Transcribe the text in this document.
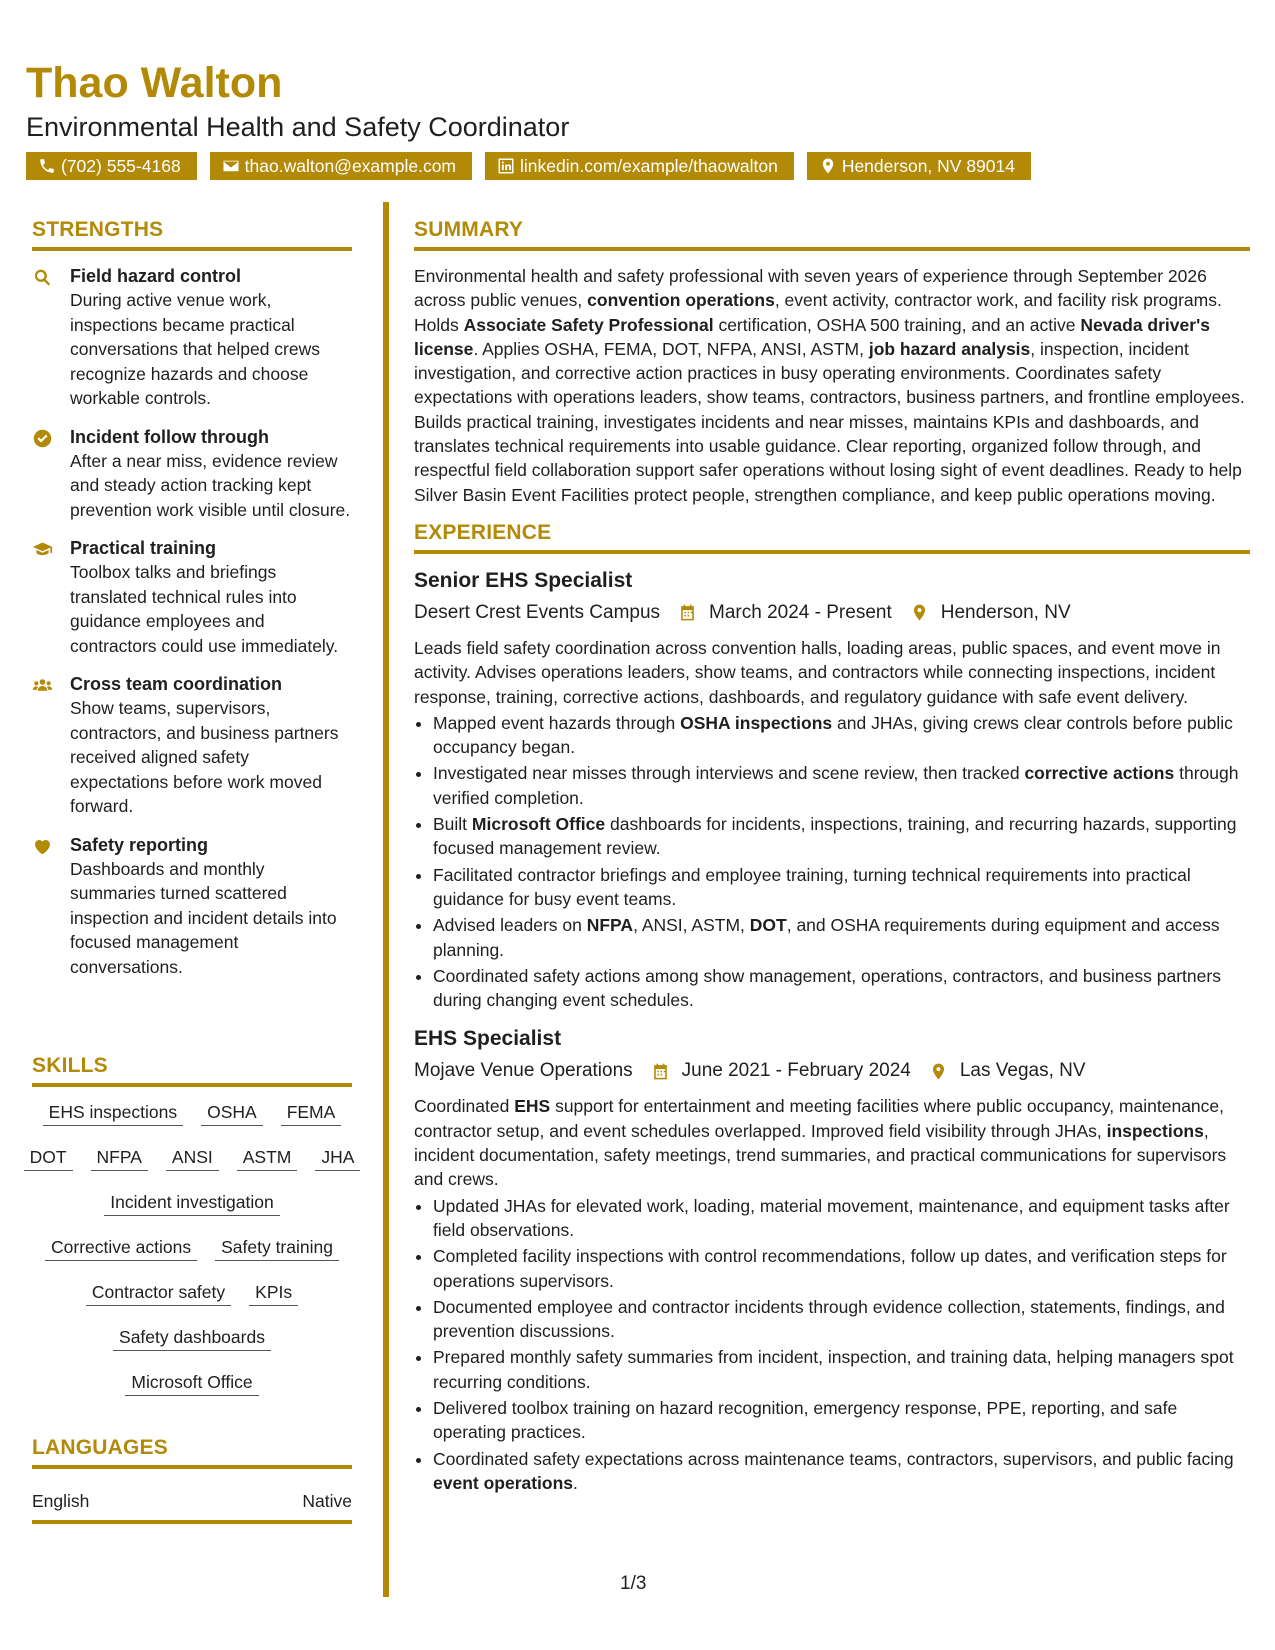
Thao Walton
Environmental Health and Safety Coordinator
(702) 555-4168	thao.walton@example.com	linkedin.com/example/thaowalton	Henderson, NV 89014
STRENGTHS
Field hazard control
During active venue work, inspections became practical conversations that helped crews recognize hazards and choose workable controls.
Incident follow through
After a near miss, evidence review and steady action tracking kept prevention work visible until closure.
Practical training
Toolbox talks and briefings translated technical rules into guidance employees and contractors could use immediately.
Cross team coordination
Show teams, supervisors, contractors, and business partners received aligned safety expectations before work moved forward.
Safety reporting
Dashboards and monthly summaries turned scattered inspection and incident details into focused management conversations.
SKILLS
EHS inspections	OSHA	FEMA
DOT	NFPA	ANSI	ASTM	JHA
Incident investigation
Corrective actions	Safety training
Contractor safety	KPIs
Safety dashboards
Microsoft Office
LANGUAGES
English	Native
SUMMARY

Environmental health and safety professional with seven years of experience through September 2026 across public venues, convention operations, event activity, contractor work, and facility risk programs. Holds Associate Safety Professional certification, OSHA 500 training, and an active Nevada driver's license. Applies OSHA, FEMA, DOT, NFPA, ANSI, ASTM, job hazard analysis, inspection, incident investigation, and corrective action practices in busy operating environments. Coordinates safety expectations with operations leaders, show teams, contractors, business partners, and frontline employees. Builds practical training, investigates incidents and near misses, maintains KPIs and dashboards, and translates technical requirements into usable guidance. Clear reporting, organized follow through, and respectful field collaboration support safer operations without losing sight of event deadlines. Ready to help Silver Basin Event Facilities protect people, strengthen compliance, and keep public operations moving.

EXPERIENCE
Senior EHS Specialist
Desert Crest Events Campus	March 2024 - Present	Henderson, NV

Leads field safety coordination across convention halls, loading areas, public spaces, and event move in activity. Advises operations leaders, show teams, and contractors while connecting inspections, incident response, training, corrective actions, dashboards, and regulatory guidance with safe event delivery.

• Mapped event hazards through OSHA inspections and JHAs, giving crews clear controls before public occupancy began.
• Investigated near misses through interviews and scene review, then tracked corrective actions through verified completion.
• Built Microsoft Office dashboards for incidents, inspections, training, and recurring hazards, supporting focused management review.
• Facilitated contractor briefings and employee training, turning technical requirements into practical guidance for busy event teams.
• Advised leaders on NFPA, ANSI, ASTM, DOT, and OSHA requirements during equipment and access planning.
• Coordinated safety actions among show management, operations, contractors, and business partners during changing event schedules.
EHS Specialist
Mojave Venue Operations	June 2021 - February 2024	Las Vegas, NV

Coordinated EHS support for entertainment and meeting facilities where public occupancy, maintenance, contractor setup, and event schedules overlapped. Improved field visibility through JHAs, inspections, incident documentation, safety meetings, trend summaries, and practical communications for supervisors and crews.

• Updated JHAs for elevated work, loading, material movement, maintenance, and equipment tasks after field observations.
• Completed facility inspections with control recommendations, follow up dates, and verification steps for operations supervisors.
• Documented employee and contractor incidents through evidence collection, statements, findings, and prevention discussions.
• Prepared monthly safety summaries from incident, inspection, and training data, helping managers spot recurring conditions.
• Delivered toolbox training on hazard recognition, emergency response, PPE, reporting, and safe operating practices.
• Coordinated safety expectations across maintenance teams, contractors, supervisors, and public facing event operations.
1/3
